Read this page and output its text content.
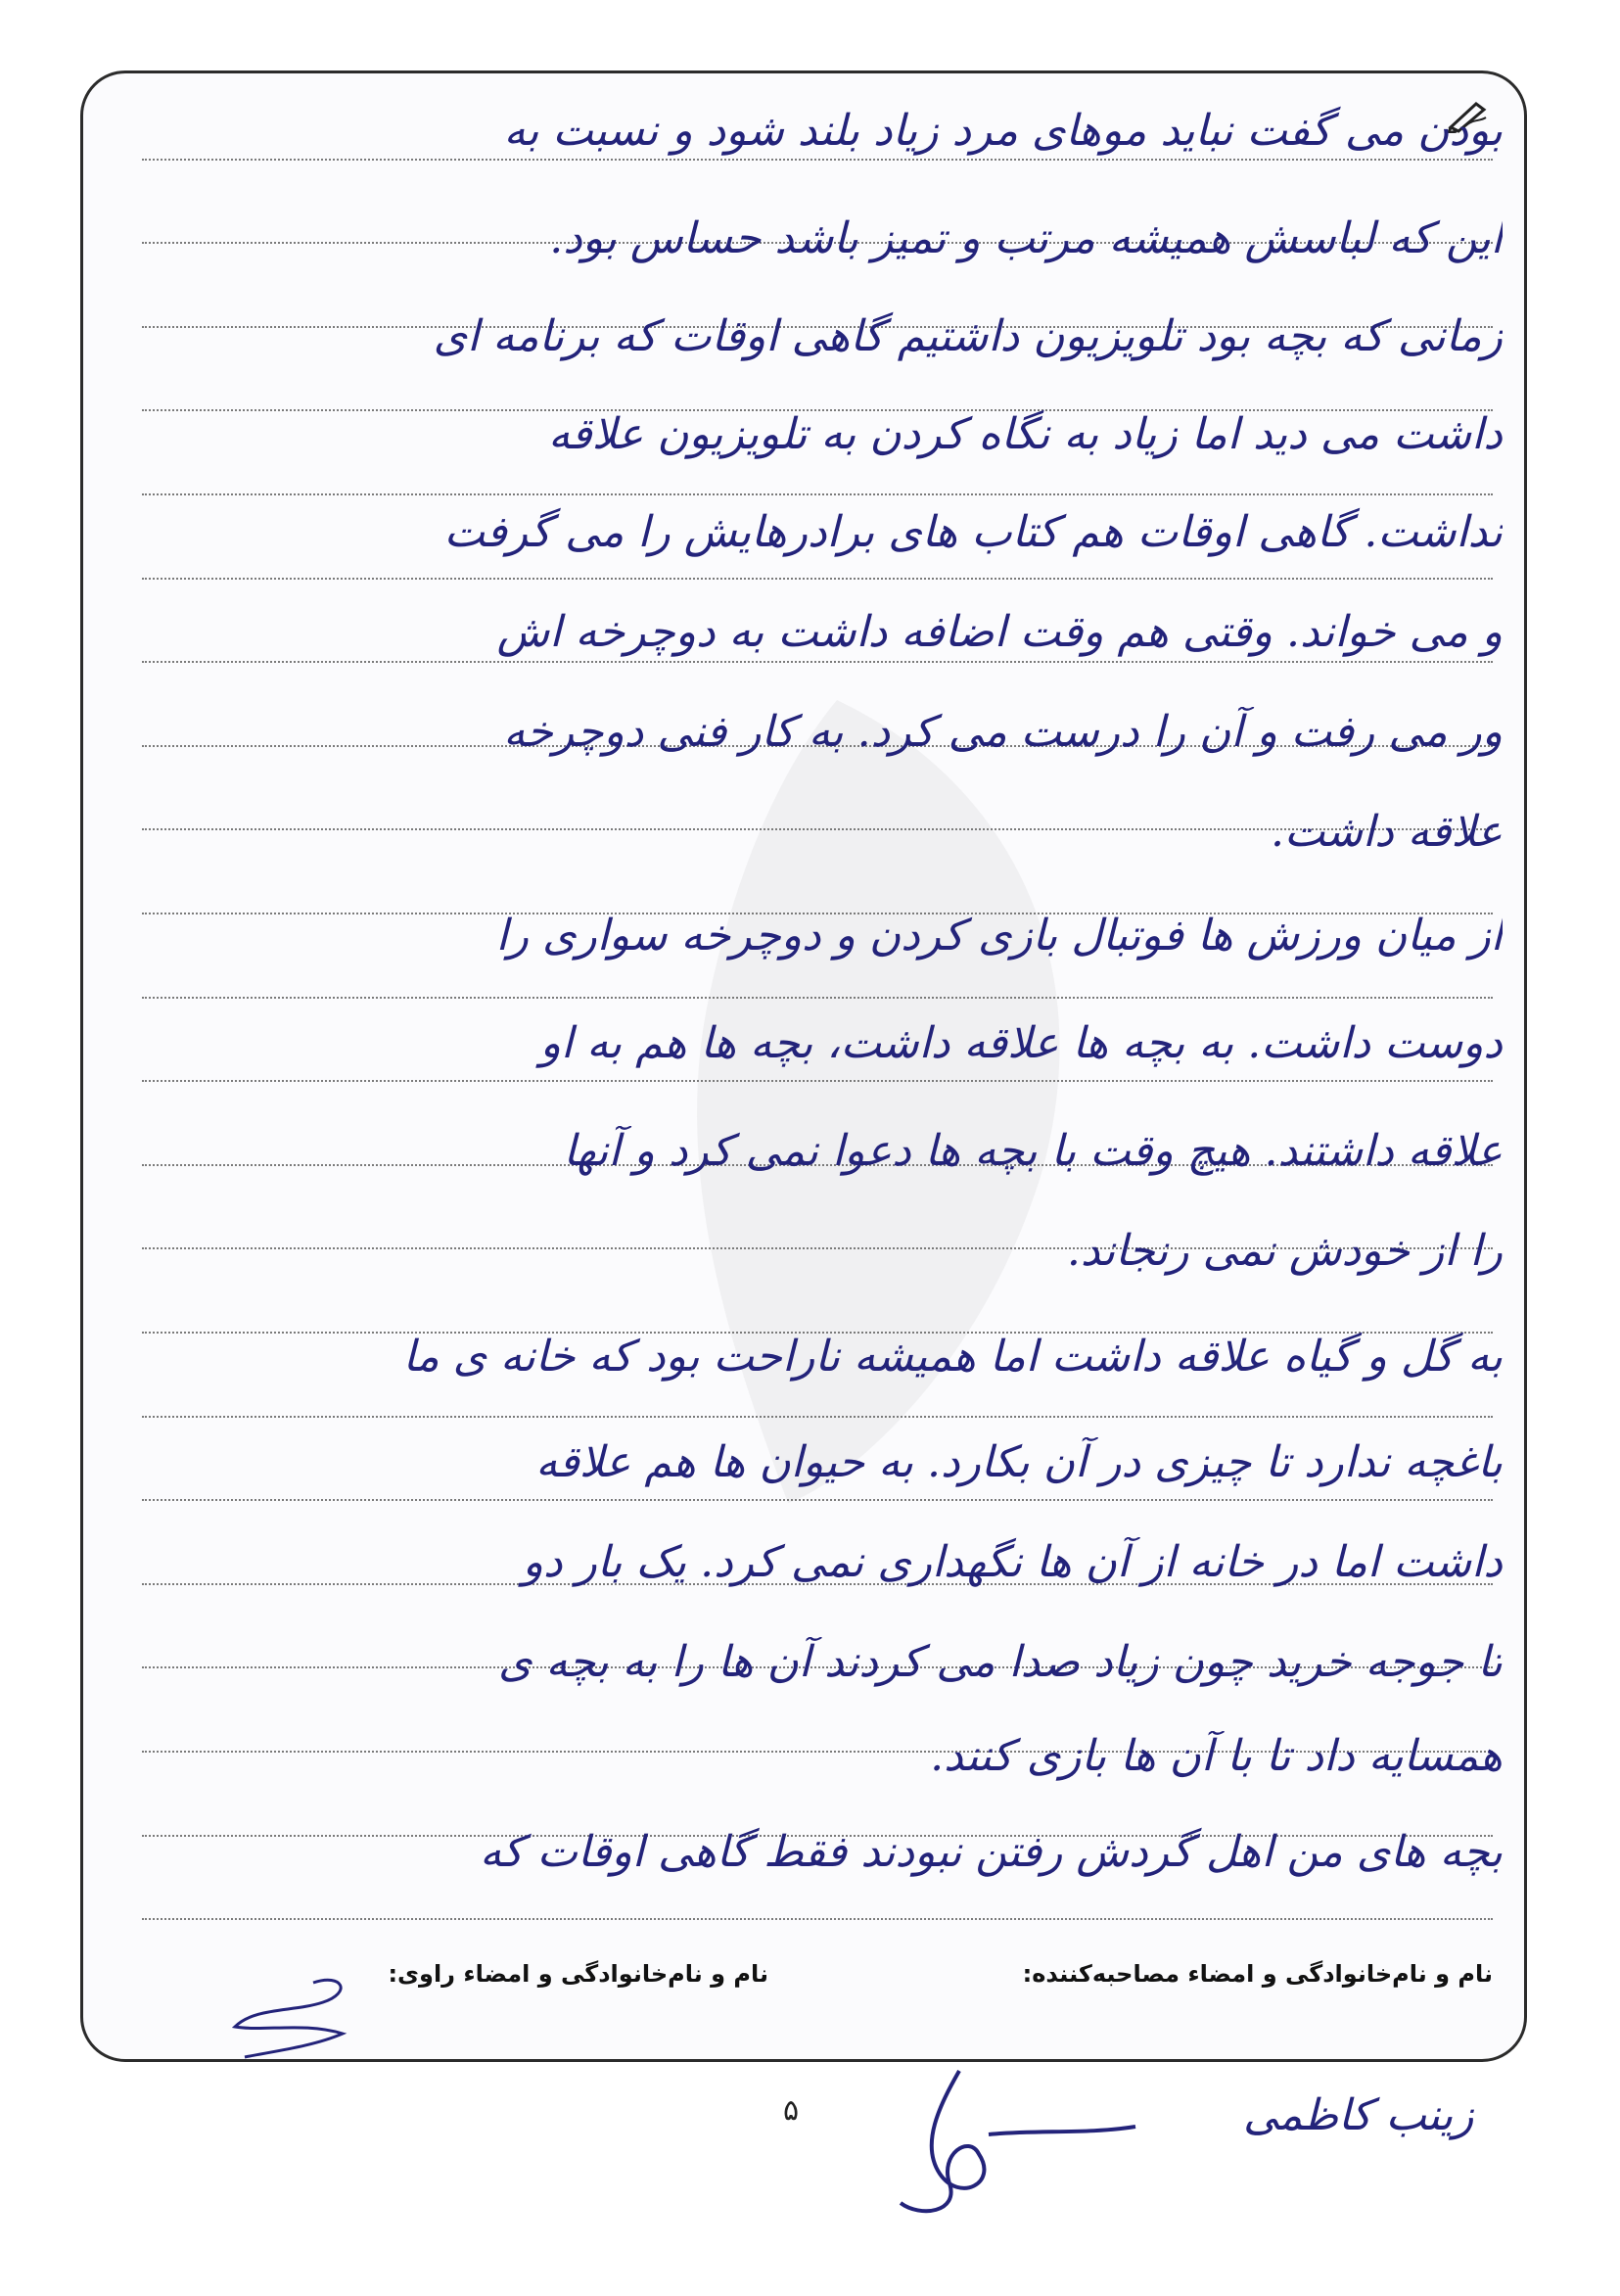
بودن می گفت نباید موهای مرد زیاد بلند شود و نسبت به
این که لباسش همیشه مرتب و تمیز باشد حساس بود.
زمانی که بچه بود تلویزیون داشتیم گاهی اوقات که برنامه ای
داشت می دید اما زیاد به نگاه کردن به تلویزیون علاقه
نداشت. گاهی اوقات هم کتاب های برادرهایش را می گرفت
و می خواند. وقتی هم وقت اضافه داشت به دوچرخه اش
ور می رفت و آن را درست می کرد. به کار فنی دوچرخه
علاقه داشت.
از میان ورزش ها فوتبال بازی کردن و دوچرخه سواری را
دوست داشت. به بچه ها علاقه داشت، بچه ها هم به او
علاقه داشتند. هیچ وقت با بچه ها دعوا نمی کرد و آنها
را از خودش نمی رنجاند.
به گل و گیاه علاقه داشت اما همیشه ناراحت بود که خانه ی ما
باغچه ندارد تا چیزی در آن بکارد. به حیوان ها هم علاقه
داشت اما در خانه از آن ها نگهداری نمی کرد. یک بار دو
تا جوجه خرید چون زیاد صدا می کردند آن ها را به بچه ی
همسایه داد تا با آن ها بازی کنند.
بچه های من اهل گردش رفتن نبودند فقط گاهی اوقات که
نام و نام‌خانوادگی و امضاء مصاحبه‌کننده:
نام و نام‌خانوادگی و امضاء راوی:
۵	زینب کاظمی
